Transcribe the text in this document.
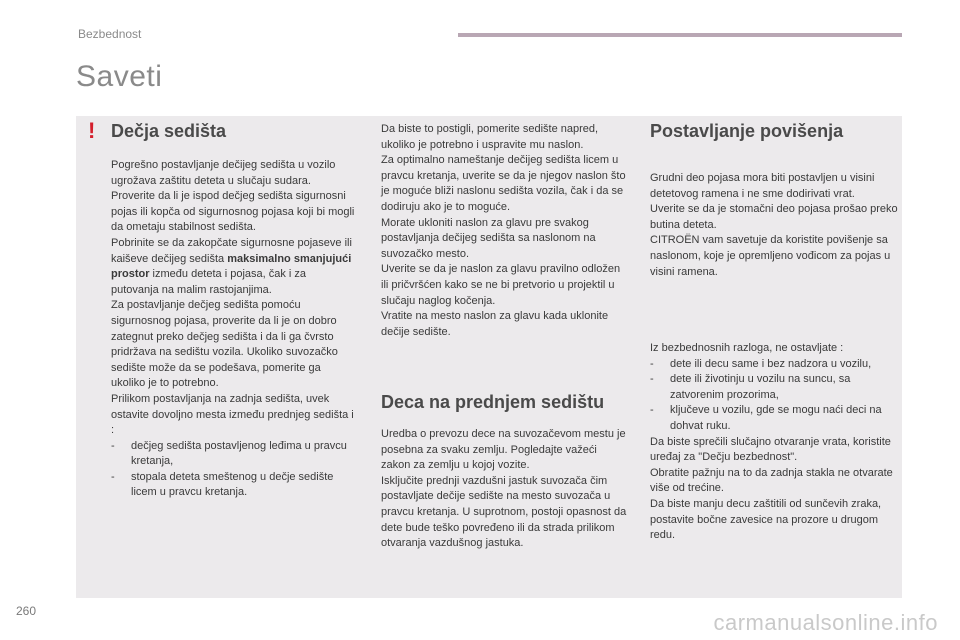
Bezbednost
Saveti
! Dečja sedišta

Pogrešno postavljanje dečijeg sedišta u vozilo ugrožava zaštitu deteta u slučaju sudara.

Proverite da li je ispod dečjeg sedišta sigurnosni pojas ili kopča od sigurnosnog pojasa koji bi mogli da ometaju stabilnost sedišta.

Pobrinite se da zakopčate sigurnosne pojaseve ili kaiševe dečijeg sedišta maksimalno smanjujući prostor između deteta i pojasa, čak i za putovanja na malim rastojanjima.

Za postavljanje dečjeg sedišta pomoću sigurnosnog pojasa, proverite da li je on dobro zategnut preko dečjeg sedišta i da li ga čvrsto pridržava na sedištu vozila. Ukoliko suvozačko sedište može da se podešava, pomerite ga ukoliko je to potrebno.

Prilikom postavljanja na zadnja sedišta, uvek ostavite dovoljno mesta između prednjeg sedišta i :

- dečjeg sedišta postavljenog leđima u pravcu kretanja,
- stopala deteta smeštenog u dečje sedište licem u pravcu kretanja.

Da biste to postigli, pomerite sedište napred, ukoliko je potrebno i uspravite mu naslon.

Za optimalno nameštanje dečijeg sedišta licem u pravcu kretanja, uverite se da je njegov naslon što je moguće bliži naslonu sedišta vozila, čak i da se dodiruju ako je to moguće.

Morate ukloniti naslon za glavu pre svakog postavljanja dečijeg sedišta sa naslonom na suvozačko mesto.

Uverite se da je naslon za glavu pravilno odložen ili pričvršćen kako se ne bi pretvorio u projektil u slučaju naglog kočenja.

Vratite na mesto naslon za glavu kada uklonite dečije sedište.

Deca na prednjem sedištu

Uredba o prevozu dece na suvozačevom mestu je posebna za svaku zemlju. Pogledajte važeći zakon za zemlju u kojoj vozite.

Isključite prednji vazdušni jastuk suvozača čim postavljate dečije sedište na mesto suvozača u pravcu kretanja. U suprotnom, postoji opasnost da dete bude teško povređeno ili da strada prilikom otvaranja vazdušnog jastuka.

Postavljanje povišenja

Grudni deo pojasa mora biti postavljen u visini detetovog ramena i ne sme dodirivati vrat.

Uverite se da je stomačni deo pojasa prošao preko butina deteta.

CITROËN vam savetuje da koristite povišenje sa naslonom, koje je opremljeno vođicom za pojas u visini ramena.

Iz bezbednosnih razloga, ne ostavljate :

- dete ili decu same i bez nadzora u vozilu,
- dete ili životinju u vozilu na suncu, sa zatvorenim prozorima,
- ključeve u vozilu, gde se mogu naći deci na dohvat ruku.

Da biste sprečili slučajno otvaranje vrata, koristite uređaj za "Dečju bezbednost".

Obratite pažnju na to da zadnja stakla ne otvarate više od trećine.

Da biste manju decu zaštitili od sunčevih zraka, postavite bočne zavesice na prozore u drugom redu.

260	carmanualsonline.info
